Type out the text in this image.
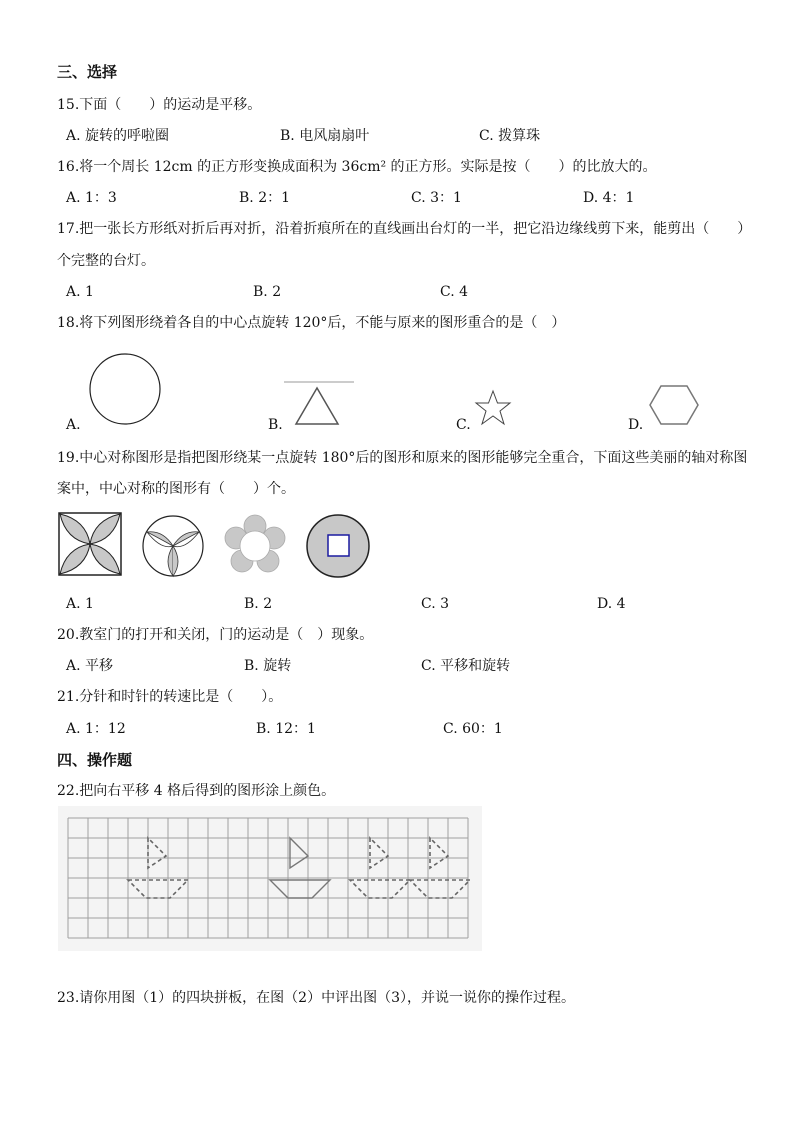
三、选择
15.下面（　　）的运动是平移。
A. 旋转的呼啦圈	B. 电风扇扇叶	C. 拨算珠
16.将一个周长 12cm 的正方形变换成面积为 36cm² 的正方形。实际是按（　　）的比放大的。
A. 1：3	B. 2：1	C. 3：1	D. 4：1
17.把一张长方形纸对折后再对折，沿着折痕所在的直线画出台灯的一半，把它沿边缘线剪下来，能剪出（　　）
个完整的台灯。
A. 1	B. 2	C. 4
18.将下列图形绕着各自的中心点旋转 120°后，不能与原来的图形重合的是（　）
A.	B.	C.	D.
19.中心对称图形是指把图形绕某一点旋转 180°后的图形和原来的图形能够完全重合，下面这些美丽的轴对称图
案中，中心对称的图形有（　　）个。
A. 1	B. 2	C. 3	D. 4
20.教室门的打开和关闭，门的运动是（　）现象。
A. 平移	B. 旋转	C. 平移和旋转
21.分针和时针的转速比是（　　）。
A. 1：12	B. 12：1	C. 60：1
四、操作题
22.把向右平移 4 格后得到的图形涂上颜色。
23.请你用图（1）的四块拼板，在图（2）中评出图（3），并说一说你的操作过程。
